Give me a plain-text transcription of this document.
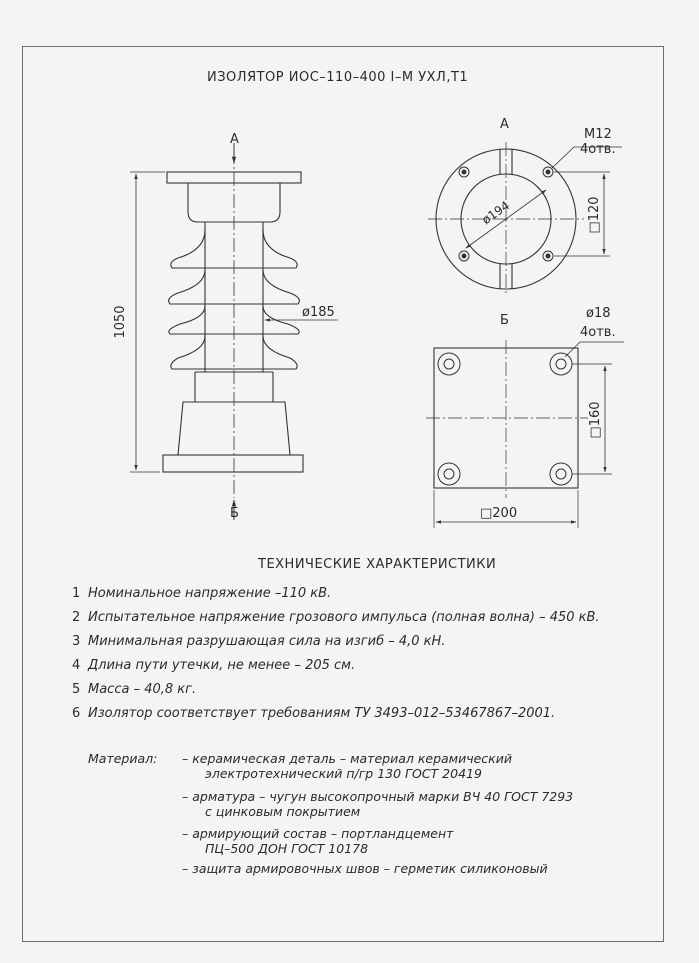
1050
□120
□160
ø194
ИЗОЛЯТОР ИОС–110–400 I–М УХЛ,Т1
А
Б
ø185
А
М12
4отв.
Б	ø18
4отв.
□200
ТЕХНИЧЕСКИЕ ХАРАКТЕРИСТИКИ
1 Номинальное напряжение –110 кВ.
2 Испытательное напряжение грозового импульса (полная волна) – 450 кВ.
3 Минимальная разрушающая сила на изгиб – 4,0 кН.
4 Длина пути утечки, не менее – 205 см.
5 Масса – 40,8 кг.
6 Изолятор соответствует требованиям ТУ 3493–012–53467867–2001.
Материал: – керамическая деталь – материал керамический
электротехнический п/гр 130 ГОСТ 20419
– арматура – чугун высокопрочный марки ВЧ 40 ГОСТ 7293
с цинковым покрытием
– армирующий состав – портландцемент
ПЦ–500 ДОН ГОСТ 10178
– защита армировочных швов – герметик силиконовый
